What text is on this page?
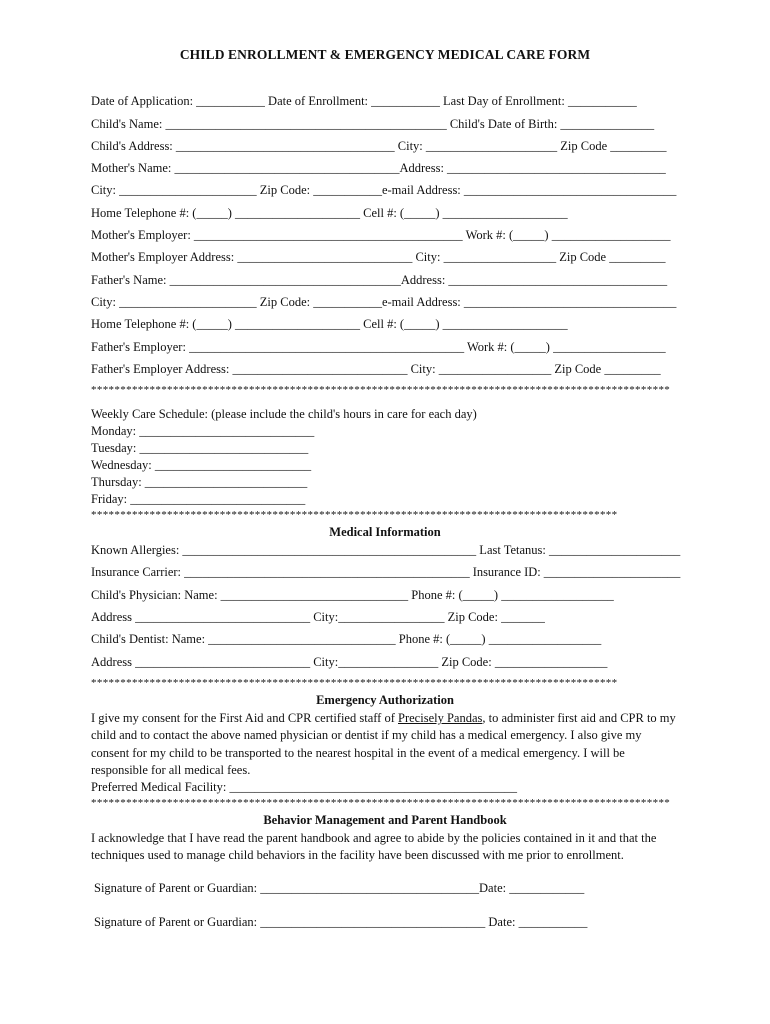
CHILD ENROLLMENT & EMERGENCY MEDICAL CARE FORM
Date of Application: ___________ Date of Enrollment: ___________ Last Day of Enrollment: ___________
Child's Name: _____________________________________________ Child's Date of Birth: _______________
Child's Address: ___________________________________ City: _____________________ Zip Code _________
Mother's Name: ____________________________________Address: ___________________________________
City: ______________________ Zip Code: ___________e-mail Address: __________________________________
Home Telephone #: (_____) ____________________ Cell #: (_____) ____________________
Mother's Employer: ___________________________________________ Work #: (_____) ___________________
Mother's Employer Address: ____________________________ City: __________________ Zip Code _________
Father's Name: _____________________________________Address: ___________________________________
City: ______________________ Zip Code: ___________e-mail Address: __________________________________
Home Telephone #: (_____) ____________________ Cell #: (_____) ____________________
Father's Employer: ____________________________________________ Work #: (_____) __________________
Father's Employer Address: ____________________________ City: __________________ Zip Code _________
***************************************************************************************************
Weekly Care Schedule: (please include the child's hours in care for each day)
Monday: ____________________________
Tuesday: ___________________________
Wednesday: _________________________
Thursday: __________________________
Friday: ____________________________
******************************************************************************************
Medical Information
Known Allergies: _______________________________________________ Last Tetanus: _____________________
Insurance Carrier: ______________________________________________ Insurance ID: ______________________
Child's Physician: Name: ______________________________ Phone #: (_____) __________________
Address ____________________________ City:_________________ Zip Code: _______
Child's Dentist: Name: ______________________________ Phone #: (_____) __________________
Address ____________________________ City:________________ Zip Code: __________________
******************************************************************************************
Emergency Authorization
I give my consent for the First Aid and CPR certified staff of Precisely Pandas, to administer first aid and CPR to my child and to contact the above named physician or dentist if my child has a medical emergency. I also give my consent for my child to be transported to the nearest hospital in the event of a medical emergency. I will be responsible for all medical fees.
Preferred Medical Facility: ______________________________________________
***************************************************************************************************
Behavior Management and Parent Handbook
I acknowledge that I have read the parent handbook and agree to abide by the policies contained in it and that the techniques used to manage child behaviors in the facility have been discussed with me prior to enrollment.
Signature of Parent or Guardian: ___________________________________Date: ____________
Signature of Parent or Guardian: ____________________________________ Date: ___________
